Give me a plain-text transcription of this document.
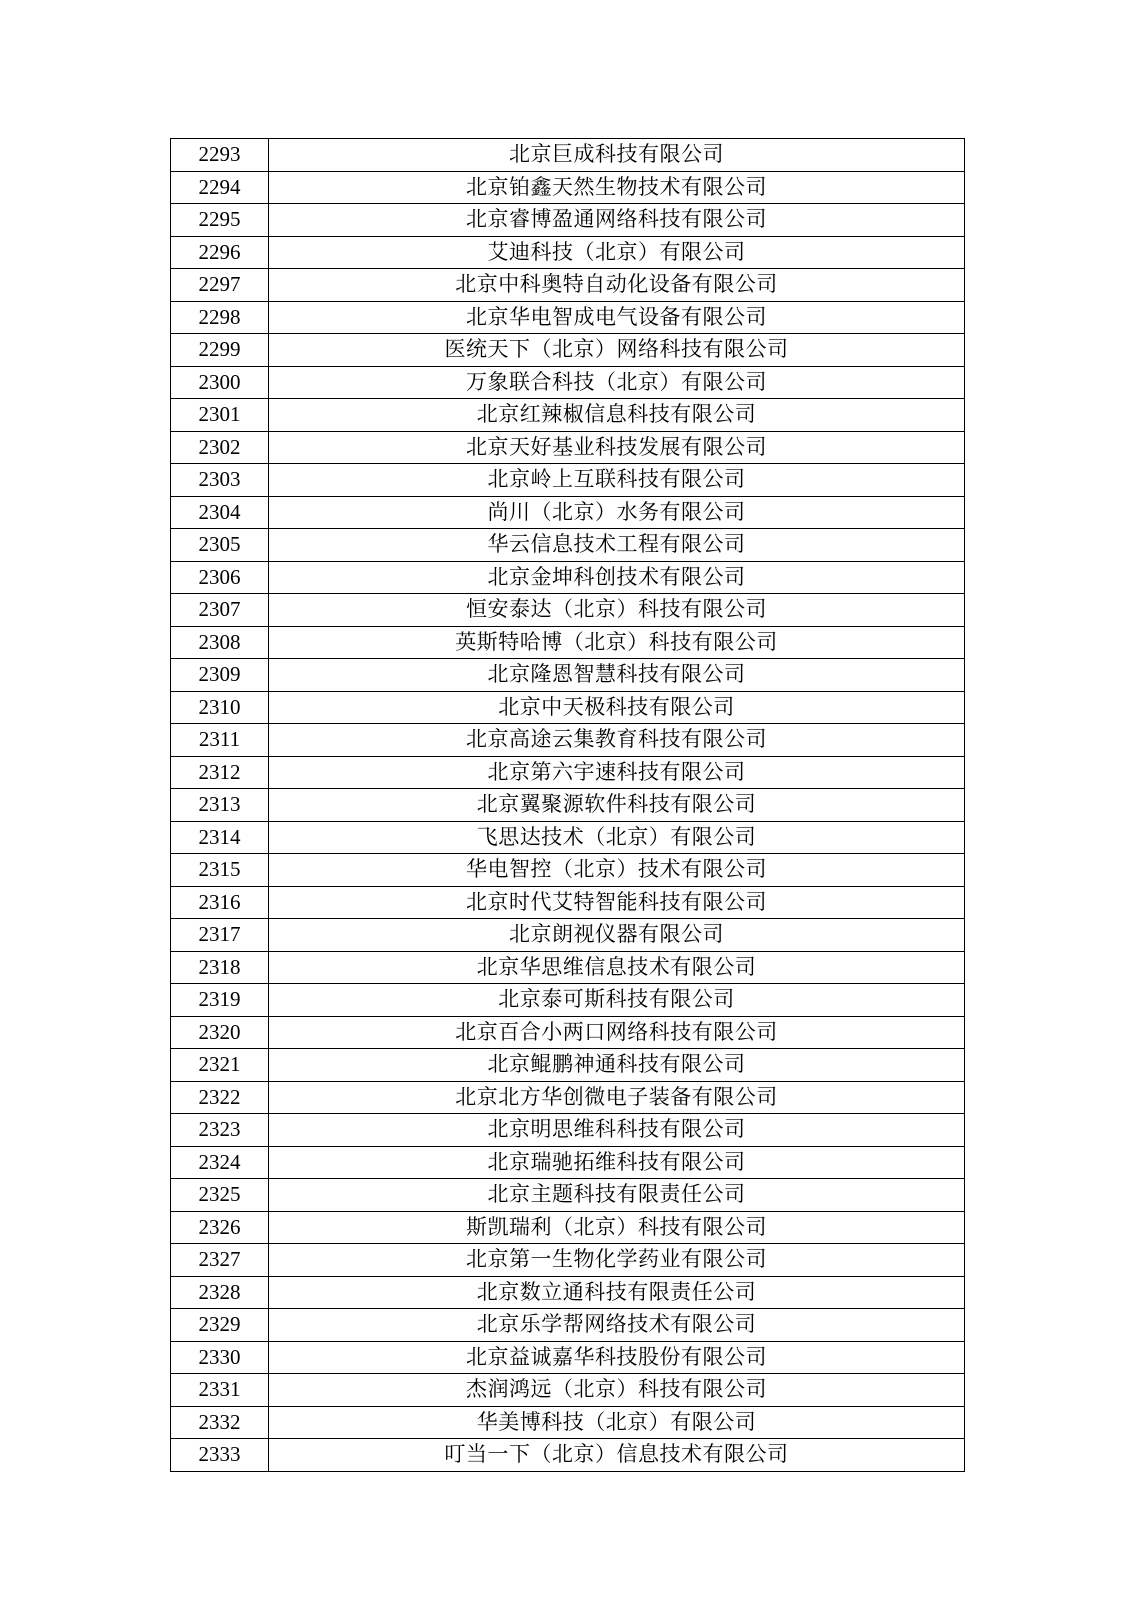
2293	北京巨成科技有限公司
2294	北京铂鑫天然生物技术有限公司
2295	北京睿博盈通网络科技有限公司
2296	艾迪科技（北京）有限公司
2297	北京中科奥特自动化设备有限公司
2298	北京华电智成电气设备有限公司
2299	医统天下（北京）网络科技有限公司
2300	万象联合科技（北京）有限公司
2301	北京红辣椒信息科技有限公司
2302	北京天好基业科技发展有限公司
2303	北京岭上互联科技有限公司
2304	尚川（北京）水务有限公司
2305	华云信息技术工程有限公司
2306	北京金坤科创技术有限公司
2307	恒安泰达（北京）科技有限公司
2308	英斯特哈博（北京）科技有限公司
2309	北京隆恩智慧科技有限公司
2310	北京中天极科技有限公司
2311	北京高途云集教育科技有限公司
2312	北京第六宇速科技有限公司
2313	北京翼聚源软件科技有限公司
2314	飞思达技术（北京）有限公司
2315	华电智控（北京）技术有限公司
2316	北京时代艾特智能科技有限公司
2317	北京朗视仪器有限公司
2318	北京华思维信息技术有限公司
2319	北京泰可斯科技有限公司
2320	北京百合小两口网络科技有限公司
2321	北京鲲鹏神通科技有限公司
2322	北京北方华创微电子装备有限公司
2323	北京明思维科科技有限公司
2324	北京瑞驰拓维科技有限公司
2325	北京主题科技有限责任公司
2326	斯凯瑞利（北京）科技有限公司
2327	北京第一生物化学药业有限公司
2328	北京数立通科技有限责任公司
2329	北京乐学帮网络技术有限公司
2330	北京益诚嘉华科技股份有限公司
2331	杰润鸿远（北京）科技有限公司
2332	华美博科技（北京）有限公司
2333	叮当一下（北京）信息技术有限公司
